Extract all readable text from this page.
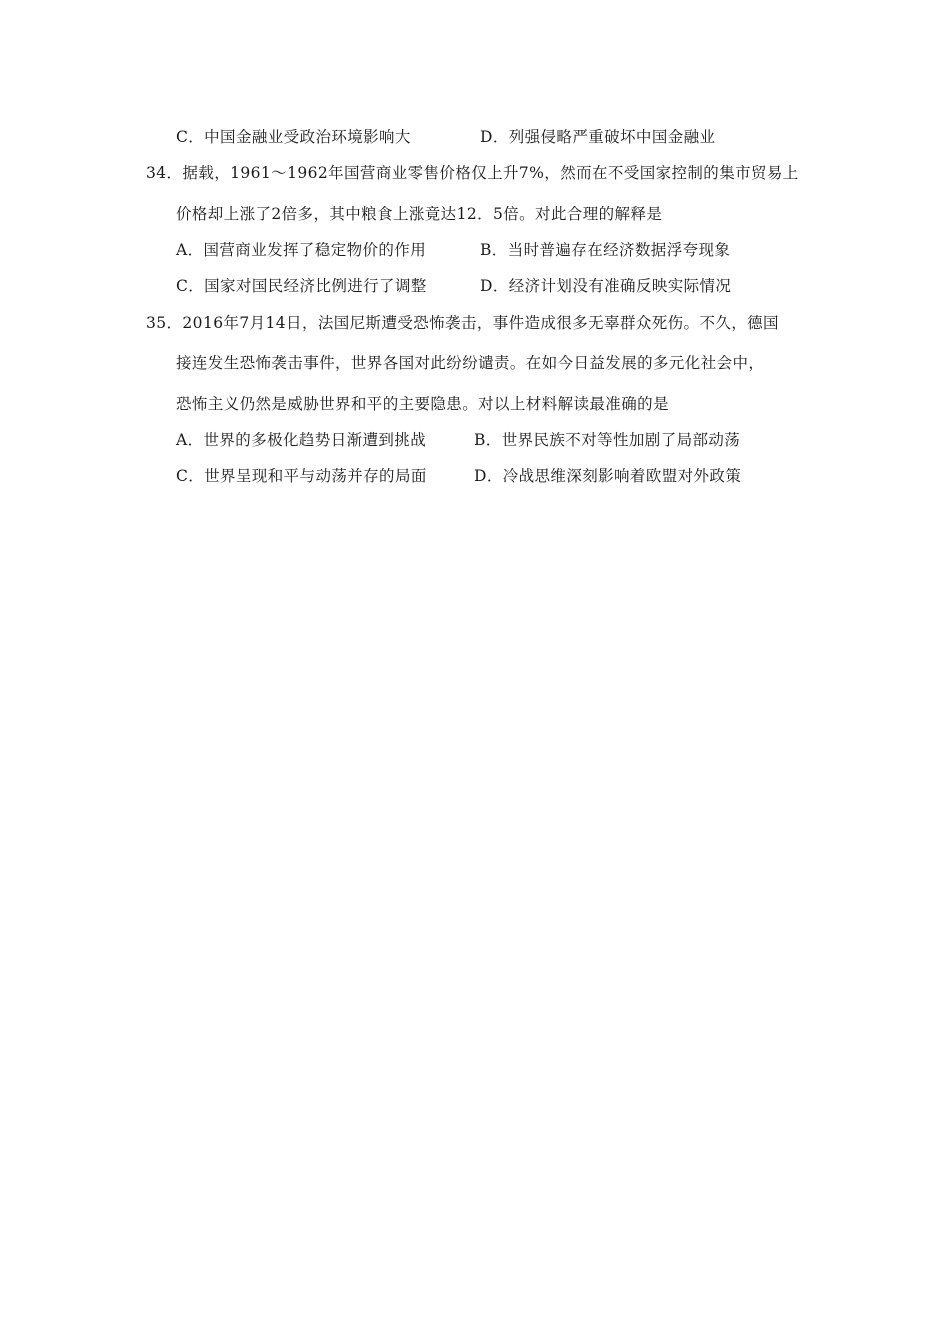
C．中国金融业受政治环境影响大	D．列强侵略严重破坏中国金融业
34．据载，1961～1962年国营商业零售价格仅上升7%，然而在不受国家控制的集市贸易上
价格却上涨了2倍多，其中粮食上涨竟达12．5倍。对此合理的解释是
A．国营商业发挥了稳定物价的作用	B．当时普遍存在经济数据浮夸现象
C．国家对国民经济比例进行了调整	D．经济计划没有准确反映实际情况
35．2016年7月14日，法国尼斯遭受恐怖袭击，事件造成很多无辜群众死伤。不久，德国
接连发生恐怖袭击事件，世界各国对此纷纷谴责。在如今日益发展的多元化社会中，
恐怖主义仍然是威胁世界和平的主要隐患。对以上材料解读最准确的是
A．世界的多极化趋势日渐遭到挑战	B．世界民族不对等性加剧了局部动荡
C．世界呈现和平与动荡并存的局面	D．冷战思维深刻影响着欧盟对外政策
